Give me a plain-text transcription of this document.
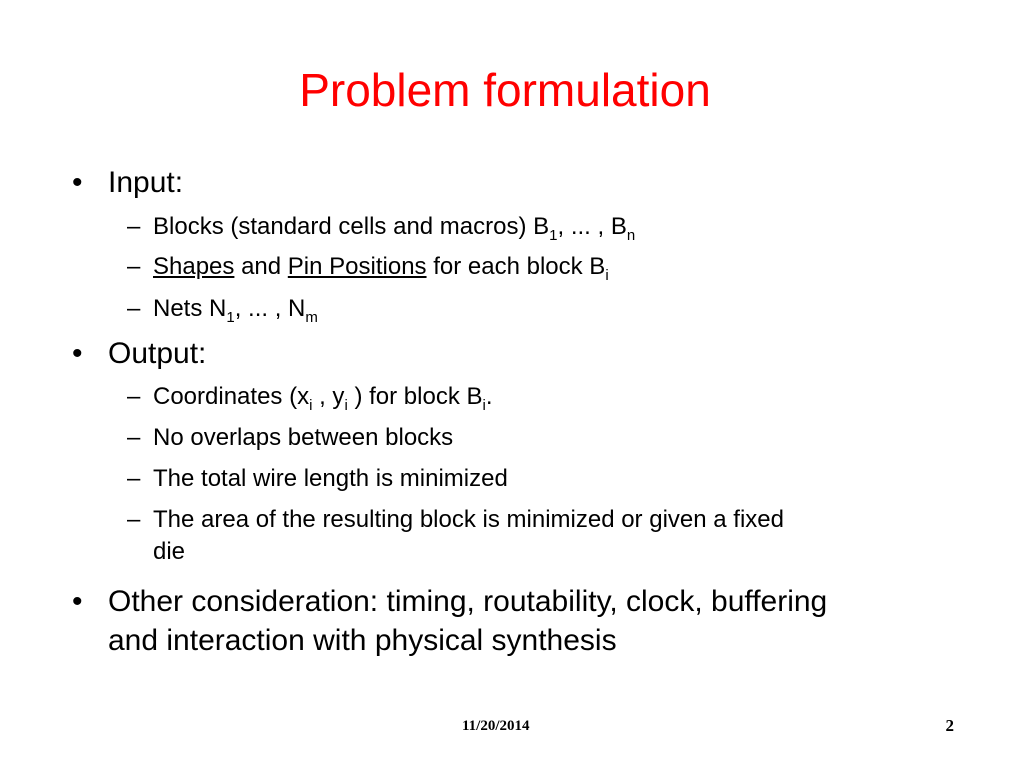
Problem formulation
• Input:
– Blocks (standard cells and macros) $B_1$, ... , $B_n$
– Shapes and Pin Positions for each block $B_i$
– Nets $N_1$, ... , $N_m$
• Output:
– Coordinates ($x_i$ , $y_i$ ) for block $B_i$.
– No overlaps between blocks
– The total wire length is minimized
– The area of the resulting block is minimized or given a fixed
die
• Other consideration: timing, routability, clock, buffering
and interaction with physical synthesis
11/20/2014	2
